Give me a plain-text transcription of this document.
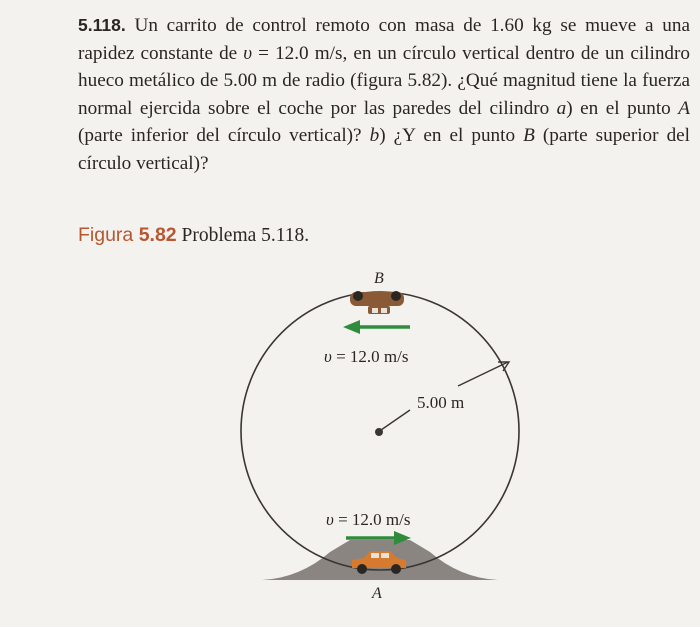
5.118. Un carrito de control remoto con masa de 1.60 kg se mueve a una rapidez constante de υ = 12.0 m/s, en un círculo vertical dentro de un cilindro hueco metálico de 5.00 m de radio (figura 5.82). ¿Qué magnitud tiene la fuerza normal ejercida sobre el coche por las paredes del cilindro a) en el punto A (parte inferior del círculo vertical)? b) ¿Y en el punto B (parte superior del círculo vertical)?
Figura 5.82 Problema 5.118.
B
A
υ = 12.0 m/s
υ = 12.0 m/s
5.00 m
